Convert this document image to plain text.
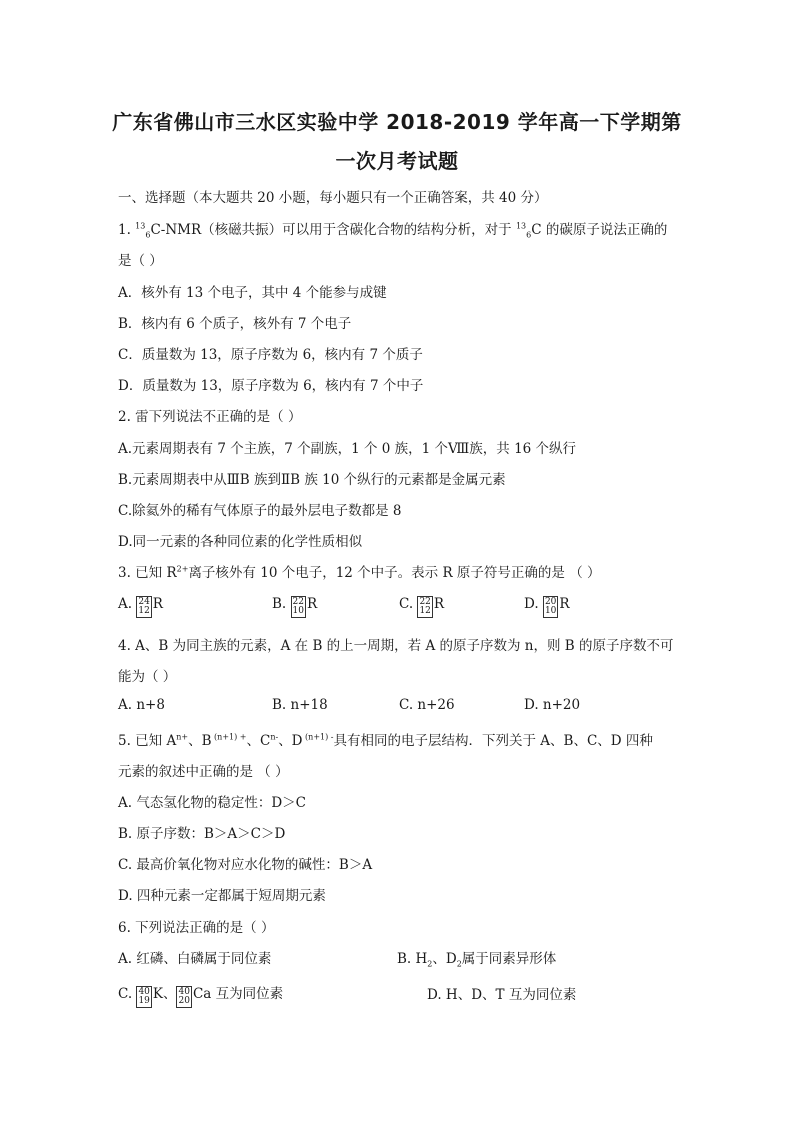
广东省佛山市三水区实验中学 2018-2019 学年高一下学期第
一次月考试题
一、选择题（本大题共 20 小题，每小题只有一个正确答案，共 40 分）
1. $^{13}_6$C-NMR（核磁共振）可以用于含碳化合物的结构分析，对于 $^{13}_6$C 的碳原子说法正确的
是（ ）
A．核外有 13 个电子，其中 4 个能参与成键
B．核内有 6 个质子，核外有 7 个电子
C．质量数为 13，原子序数为 6，核内有 7 个质子
D．质量数为 13，原子序数为 6，核内有 7 个中子
2. 雷下列说法不正确的是（ ）
A.元素周期表有 7 个主族，7 个副族，1 个 0 族，1 个Ⅷ族，共 16 个纵行
B.元素周期表中从ⅢB 族到ⅡB 族 10 个纵行的元素都是金属元素
C.除氦外的稀有气体原子的最外层电子数都是 8
D.同一元素的各种同位素的化学性质相似
3. 已知 $R^{2+}$离子核外有 10 个电子，12 个中子。表示 R 原子符号正确的是 （ ）
A. 24
12 R	B. 22
10 R	C. 22
12 R	D. 20
10 R
4. A、B 为同主族的元素，A 在 B 的上一周期，若 A 的原子序数为 n，则 B 的原子序数不可
能为（ ）
A. n+8	B. n+18	C. n+26	D. n+20
5. 已知 $A^{n+}$、B $^{(n+1) +}$、$C^{n-}$、D $^{(n+1) -}$具有相同的电子层结构．下列关于 A、B、C、D 四种
元素的叙述中正确的是 （ ）
A. 气态氢化物的稳定性：D＞C
B. 原子序数：B＞A＞C＞D
C. 最高价氧化物对应水化物的碱性：B＞A
D. 四种元素一定都属于短周期元素
6. 下列说法正确的是（ ）
A. 红磷、白磷属于同位素	B. $H_2$、$D_2$属于同素异形体
C. 40
19 K、 40
20 Ca 互为同位素	D. H、D、T 互为同位素
